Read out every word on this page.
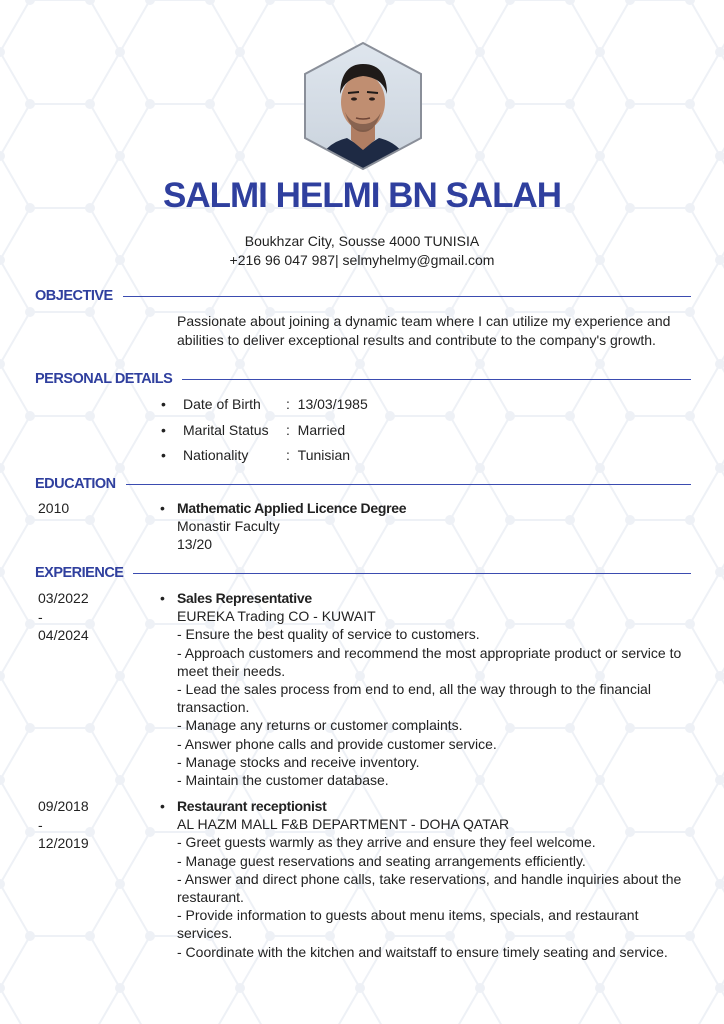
SALMI HELMI BN SALAH
Boukhzar City, Sousse 4000 TUNISIA
+216 96 047 987| selmyhelmy@gmail.com
OBJECTIVE
Passionate about joining a dynamic team where I can utilize my experience and abilities to deliver exceptional results and contribute to the company's growth.
PERSONAL DETAILS
• Date of Birth : 13/03/1985
• Marital Status : Married
• Nationality	: Tunisian
EDUCATION
2010
•	Mathematic Applied Licence Degree
Monastir Faculty
13/20
EXPERIENCE
03/2022
-
04/2024
• Sales Representative
EUREKA Trading CO - KUWAIT
- Ensure the best quality of service to customers.
- Approach customers and recommend the most appropriate product or service to meet their needs.
- Lead the sales process from end to end, all the way through to the financial transaction.
- Manage any returns or customer complaints.
- Answer phone calls and provide customer service.
- Manage stocks and receive inventory.
- Maintain the customer database.
09/2018
-
12/2019
• Restaurant receptionist
AL HAZM MALL F&B DEPARTMENT - DOHA QATAR
- Greet guests warmly as they arrive and ensure they feel welcome.
- Manage guest reservations and seating arrangements efficiently.
- Answer and direct phone calls, take reservations, and handle inquiries about the restaurant.
- Provide information to guests about menu items, specials, and restaurant services.
- Coordinate with the kitchen and waitstaff to ensure timely seating and service.
